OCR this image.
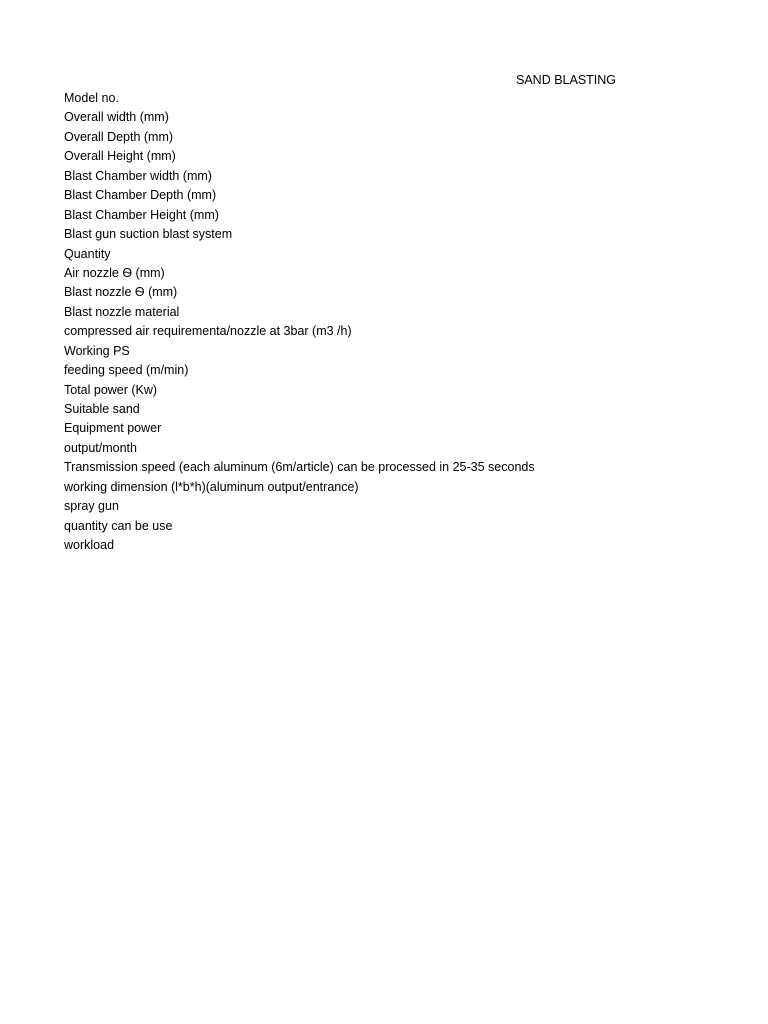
SAND BLASTING
Model no.
Overall width (mm)
Overall Depth (mm)
Overall Height (mm)
Blast Chamber width (mm)
Blast Chamber Depth (mm)
Blast Chamber Height (mm)
Blast gun suction blast system
Quantity
Air nozzle Ѳ (mm)
Blast nozzle Ѳ (mm)
Blast nozzle material
compressed air requirementa/nozzle at 3bar (m3 /h)
Working PS
feeding speed (m/min)
Total power (Kw)
Suitable sand
Equipment power
output/month
Transmission speed (each aluminum (6m/article) can be processed in 25-35 seconds
working dimension (l*b*h)(aluminum output/entrance)
spray gun
quantity can be use
workload
